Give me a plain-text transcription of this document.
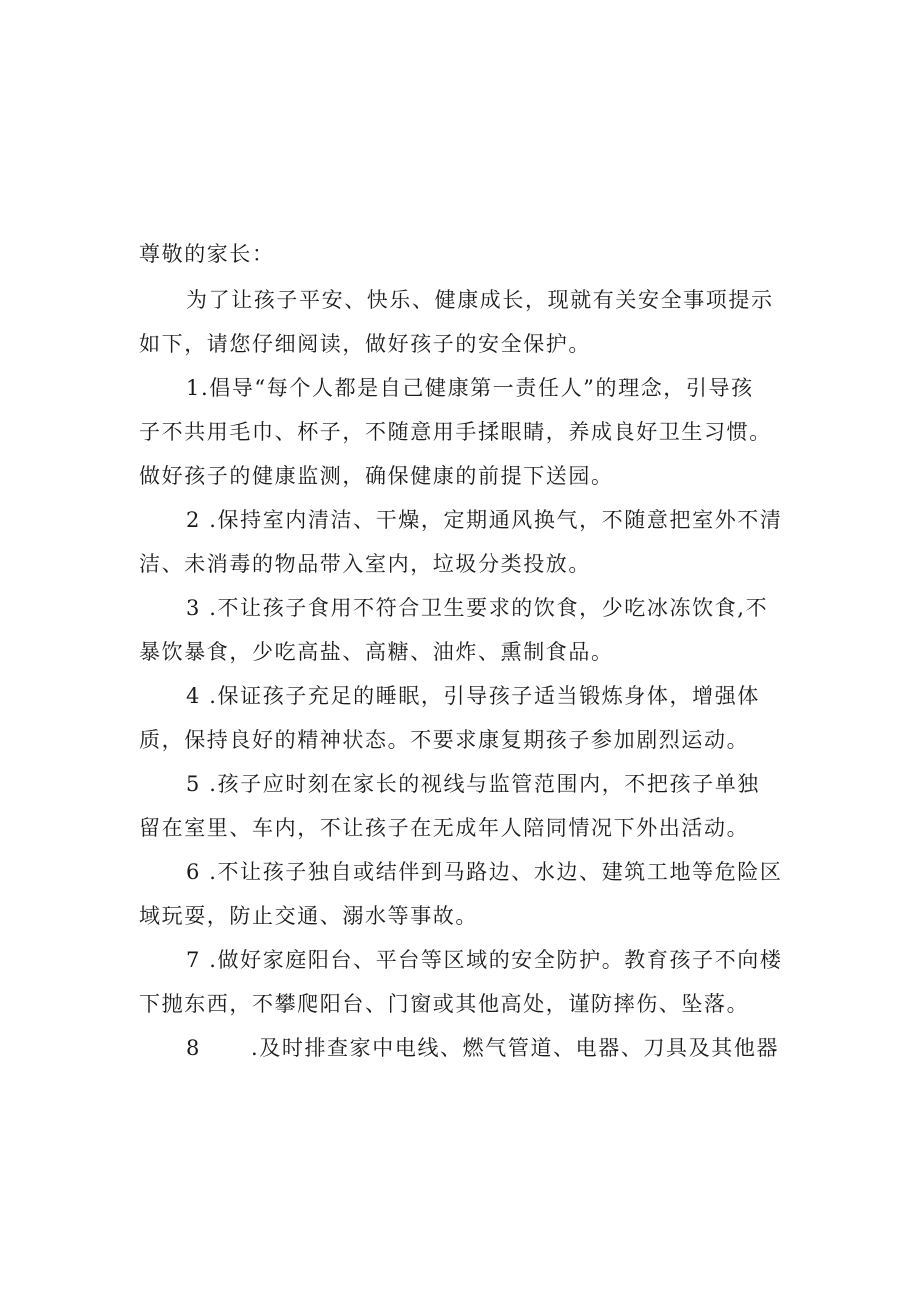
尊敬的家长：
为了让孩子平安、快乐、健康成长，现就有关安全事项提示
如下，请您仔细阅读，做好孩子的安全保护。
1.倡导“每个人都是自己健康第一责任人”的理念，引导孩
子不共用毛巾、杯子，不随意用手揉眼睛，养成良好卫生习惯。
做好孩子的健康监测，确保健康的前提下送园。
2 .保持室内清洁、干燥，定期通风换气，不随意把室外不清
洁、未消毒的物品带入室内，垃圾分类投放。
3 .不让孩子食用不符合卫生要求的饮食，少吃冰冻饮食,不
暴饮暴食，少吃高盐、高糖、油炸、熏制食品。
4 .保证孩子充足的睡眠，引导孩子适当锻炼身体，增强体
质，保持良好的精神状态。不要求康复期孩子参加剧烈运动。
5 .孩子应时刻在家长的视线与监管范围内，不把孩子单独
留在室里、车内，不让孩子在无成年人陪同情况下外出活动。
6 .不让孩子独自或结伴到马路边、水边、建筑工地等危险区
域玩耍，防止交通、溺水等事故。
7 .做好家庭阳台、平台等区域的安全防护。教育孩子不向楼
下抛东西，不攀爬阳台、门窗或其他高处，谨防摔伤、坠落。
8 .及时排查家中电线、燃气管道、电器、刀具及其他器
